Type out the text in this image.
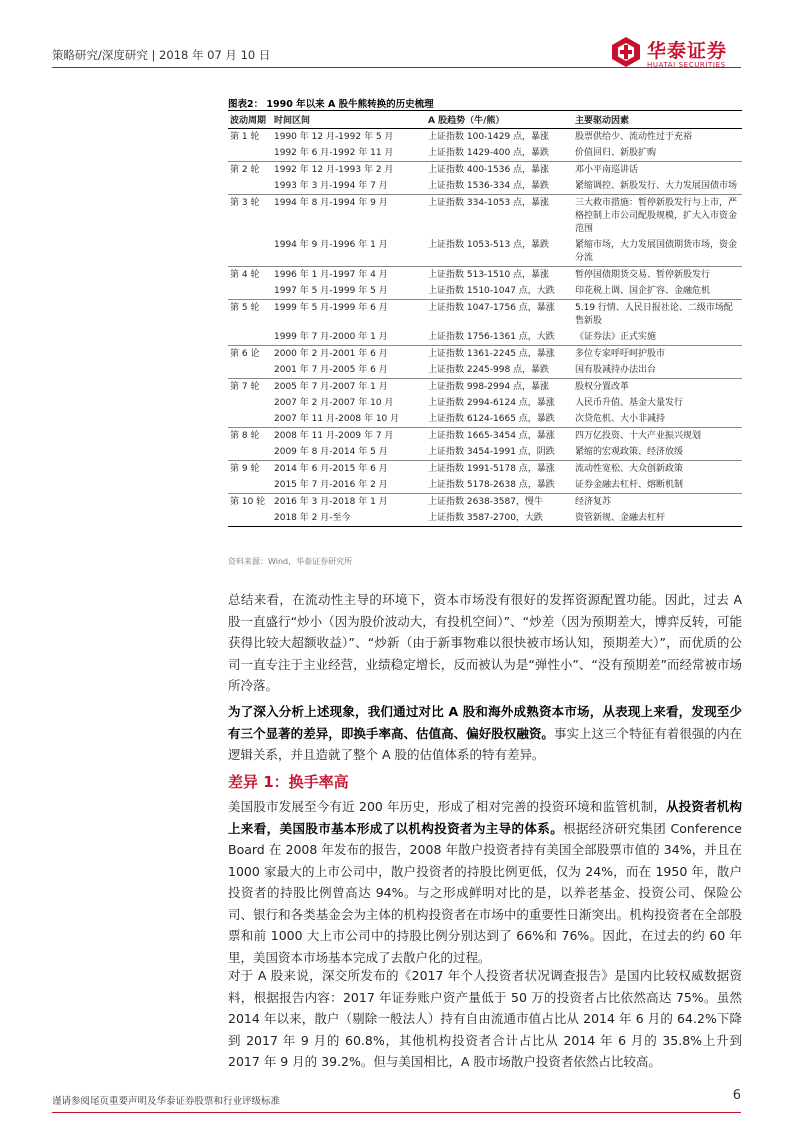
策略研究/深度研究 | 2018 年 07 月 10 日	华泰证券
HUATAI SECURITIES
图表2： 1990 年以来 A 股牛熊转换的历史梳理
波动周期	时间区间	A 股趋势（牛/熊）	主要驱动因素
第 1 轮	1990 年 12 月-1992 年 5 月	上证指数 100-1429 点，暴涨	股票供给少、流动性过于充裕
	1992 年 6 月-1992 年 11 月	上证指数 1429-400 点，暴跌	价值回归、新股扩购
第 2 轮	1992 年 12 月-1993 年 2 月	上证指数 400-1536 点，暴涨	邓小平南巡讲话
	1993 年 3 月-1994 年 7 月	上证指数 1536-334 点，暴跌	紧缩调控、新股发行、大力发展国债市场
第 3 轮	1994 年 8 月-1994 年 9 月	上证指数 334-1053 点，暴涨	三大救市措施：暂停新股发行与上市，严格控制上市公司配股规模，扩大入市资金范围
	1994 年 9 月-1996 年 1 月	上证指数 1053-513 点，暴跌	紧缩市场，大力发展国债期货市场，资金分流
第 4 轮	1996 年 1 月-1997 年 4 月	上证指数 513-1510 点，暴涨	暂停国债期货交易、暂停新股发行
	1997 年 5 月-1999 年 5 月	上证指数 1510-1047 点，大跌	印花税上调、国企扩容、金融危机
第 5 轮	1999 年 5 月-1999 年 6 月	上证指数 1047-1756 点，暴涨	5.19 行情、人民日报社论、二级市场配售新股
	1999 年 7 月-2000 年 1 月	上证指数 1756-1361 点，大跌	《证券法》正式实施
第 6 论	2000 年 2 月-2001 年 6 月	上证指数 1361-2245 点，暴涨	多位专家呼吁呵护股市
	2001 年 7 月-2005 年 6 月	上证指数 2245-998 点，暴跌	国有股减持办法出台
第 7 轮	2005 年 7 月-2007 年 1 月	上证指数 998-2994 点，暴涨	股权分置改革
	2007 年 2 月-2007 年 10 月	上证指数 2994-6124 点，暴涨	人民币升值、基金大量发行
	2007 年 11 月-2008 年 10 月	上证指数 6124-1665 点，暴跌	次贷危机、大小非减持
第 8 轮	2008 年 11 月-2009 年 7 月	上证指数 1665-3454 点，暴涨	四万亿投资、十大产业振兴规划
	2009 年 8 月-2014 年 5 月	上证指数 3454-1991 点，阴跌	紧缩的宏观政策、经济放缓
第 9 轮	2014 年 6 月-2015 年 6 月	上证指数 1991-5178 点，暴涨	流动性宽松、大众创新政策
	2015 年 7 月-2016 年 2 月	上证指数 5178-2638 点，暴跌	证券金融去杠杆、熔断机制
第 10 轮	2016 年 3 月-2018 年 1 月	上证指数 2638-3587，慢牛	经济复苏
	2018 年 2 月-至今	上证指数 3587-2700，大跌	资管新规、金融去杠杆
资料来源：Wind，华泰证券研究所
总结来看，在流动性主导的环境下，资本市场没有很好的发挥资源配置功能。因此，过去 A 股一直盛行“炒小（因为股价波动大，有投机空间）”、“炒差（因为预期差大，博弈反转，可能获得比较大超额收益）”、“炒新（由于新事物难以很快被市场认知，预期差大）”，而优质的公司一直专注于主业经营，业绩稳定增长，反而被认为是“弹性小”、“没有预期差”而经常被市场所冷落。
为了深入分析上述现象，我们通过对比 A 股和海外成熟资本市场，从表现上来看，发现至少有三个显著的差异，即换手率高、估值高、偏好股权融资。事实上这三个特征有着很强的内在逻辑关系，并且造就了整个 A 股的估值体系的特有差异。
差异 1：换手率高
美国股市发展至今有近 200 年历史，形成了相对完善的投资环境和监管机制，从投资者机构上来看，美国股市基本形成了以机构投资者为主导的体系。根据经济研究集团 Conference Board 在 2008 年发布的报告，2008 年散户投资者持有美国全部股票市值的 34%，并且在 1000 家最大的上市公司中，散户投资者的持股比例更低，仅为 24%，而在 1950 年，散户投资者的持股比例曾高达 94%。与之形成鲜明对比的是，以养老基金、投资公司、保险公司、银行和各类基金会为主体的机构投资者在市场中的重要性日渐突出。机构投资者在全部股票和前 1000 大上市公司中的持股比例分别达到了 66%和 76%。因此，在过去的约 60 年里，美国资本市场基本完成了去散户化的过程。
对于 A 股来说，深交所发布的《2017 年个人投资者状况调查报告》是国内比较权威数据资料，根据报告内容：2017 年证券账户资产量低于 50 万的投资者占比依然高达 75%。虽然 2014 年以来，散户（剔除一般法人）持有自由流通市值占比从 2014 年 6 月的 64.2%下降到 2017 年 9 月的 60.8%，其他机构投资者合计占比从 2014 年 6 月的 35.8%上升到 2017 年 9 月的 39.2%。但与美国相比，A 股市场散户投资者依然占比较高。
谨请参阅尾页重要声明及华泰证券股票和行业评级标准	6
